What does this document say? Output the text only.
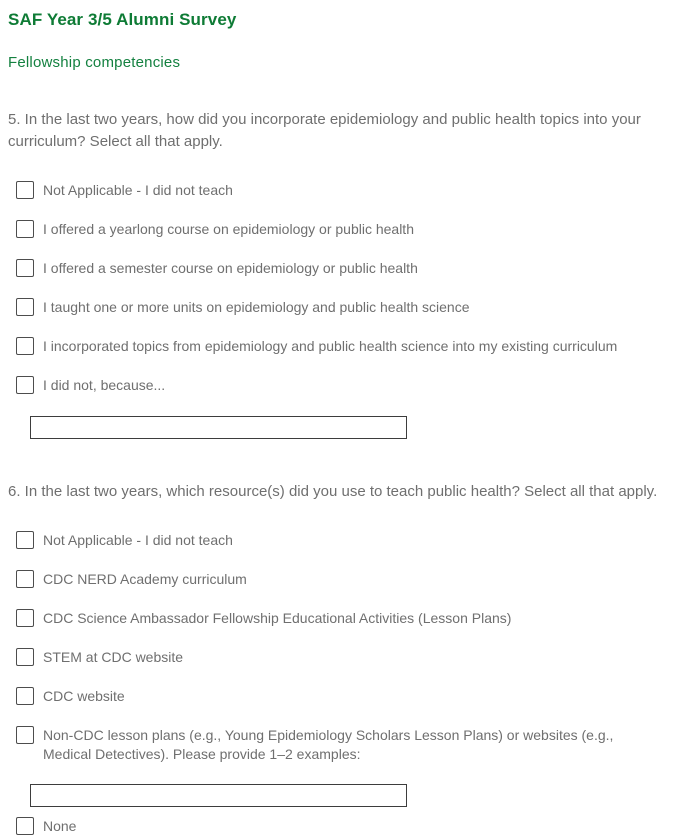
SAF Year 3/5 Alumni Survey
Fellowship competencies

5. In the last two years, how did you incorporate epidemiology and public health topics into your curriculum? Select all that apply.

Not Applicable - I did not teach
I offered a yearlong course on epidemiology or public health
I offered a semester course on epidemiology or public health
I taught one or more units on epidemiology and public health science
I incorporated topics from epidemiology and public health science into my existing curriculum
I did not, because...

6. In the last two years, which resource(s) did you use to teach public health? Select all that apply.

Not Applicable - I did not teach
CDC NERD Academy curriculum
CDC Science Ambassador Fellowship Educational Activities (Lesson Plans)
STEM at CDC website
CDC website
Non-CDC lesson plans (e.g., Young Epidemiology Scholars Lesson Plans) or websites (e.g., Medical Detectives). Please provide 1–2 examples:
None
